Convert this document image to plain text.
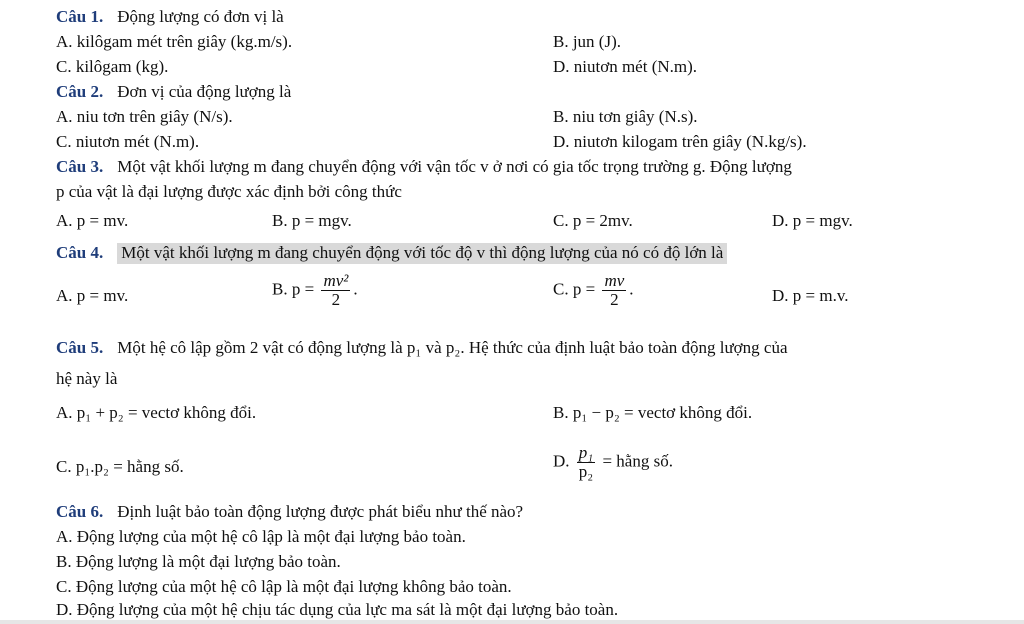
Câu 1. Động lượng có đơn vị là
A. kilôgam mét trên giây (kg.m/s).	B. jun (J).
C. kilôgam (kg).	D. niutơn mét (N.m).
Câu 2. Đơn vị của động lượng là
A. niu tơn trên giây (N/s).	B. niu tơn giây (N.s).
C. niutơn mét (N.m).	D. niutơn kilogam trên giây (N.kg/s).
Câu 3. Một vật khối lượng m đang chuyển động với vận tốc v ở nơi có gia tốc trọng trường g. Động lượng
p của vật là đại lượng được xác định bởi công thức
A. p = mv.	B. p = mgv.	C. p = 2mv.	D. p = mgv.
Câu 4. Một vật khối lượng m đang chuyển động với tốc độ v thì động lượng của nó có độ lớn là
A. p = mv.	B. $p = \frac{\text{mv²}}{2}$ .	C. $p = \frac{mv}{2}$ .	D. p = m.v.
Câu 5. Một hệ cô lập gồm 2 vật có động lượng là p₁ và p₂. Hệ thức của định luật bảo toàn động lượng của
hệ này là
A. p₁ + p₂ = vectơ không đổi.	B. p₁ − p₂ = vectơ không đổi.
C. p₁.p₂ = hằng số.	D. $\frac{\text{p₁}}{\text{p₂}}$ = hằng số.
Câu 6. Định luật bảo toàn động lượng được phát biểu như thế nào?
A. Động lượng của một hệ cô lập là một đại lượng bảo toàn.
B. Động lượng là một đại lượng bảo toàn.
C. Động lượng của một hệ cô lập là một đại lượng không bảo toàn.
D. Động lượng của một hệ chịu tác dụng của lực ma sát là một đại lượng bảo toàn.
